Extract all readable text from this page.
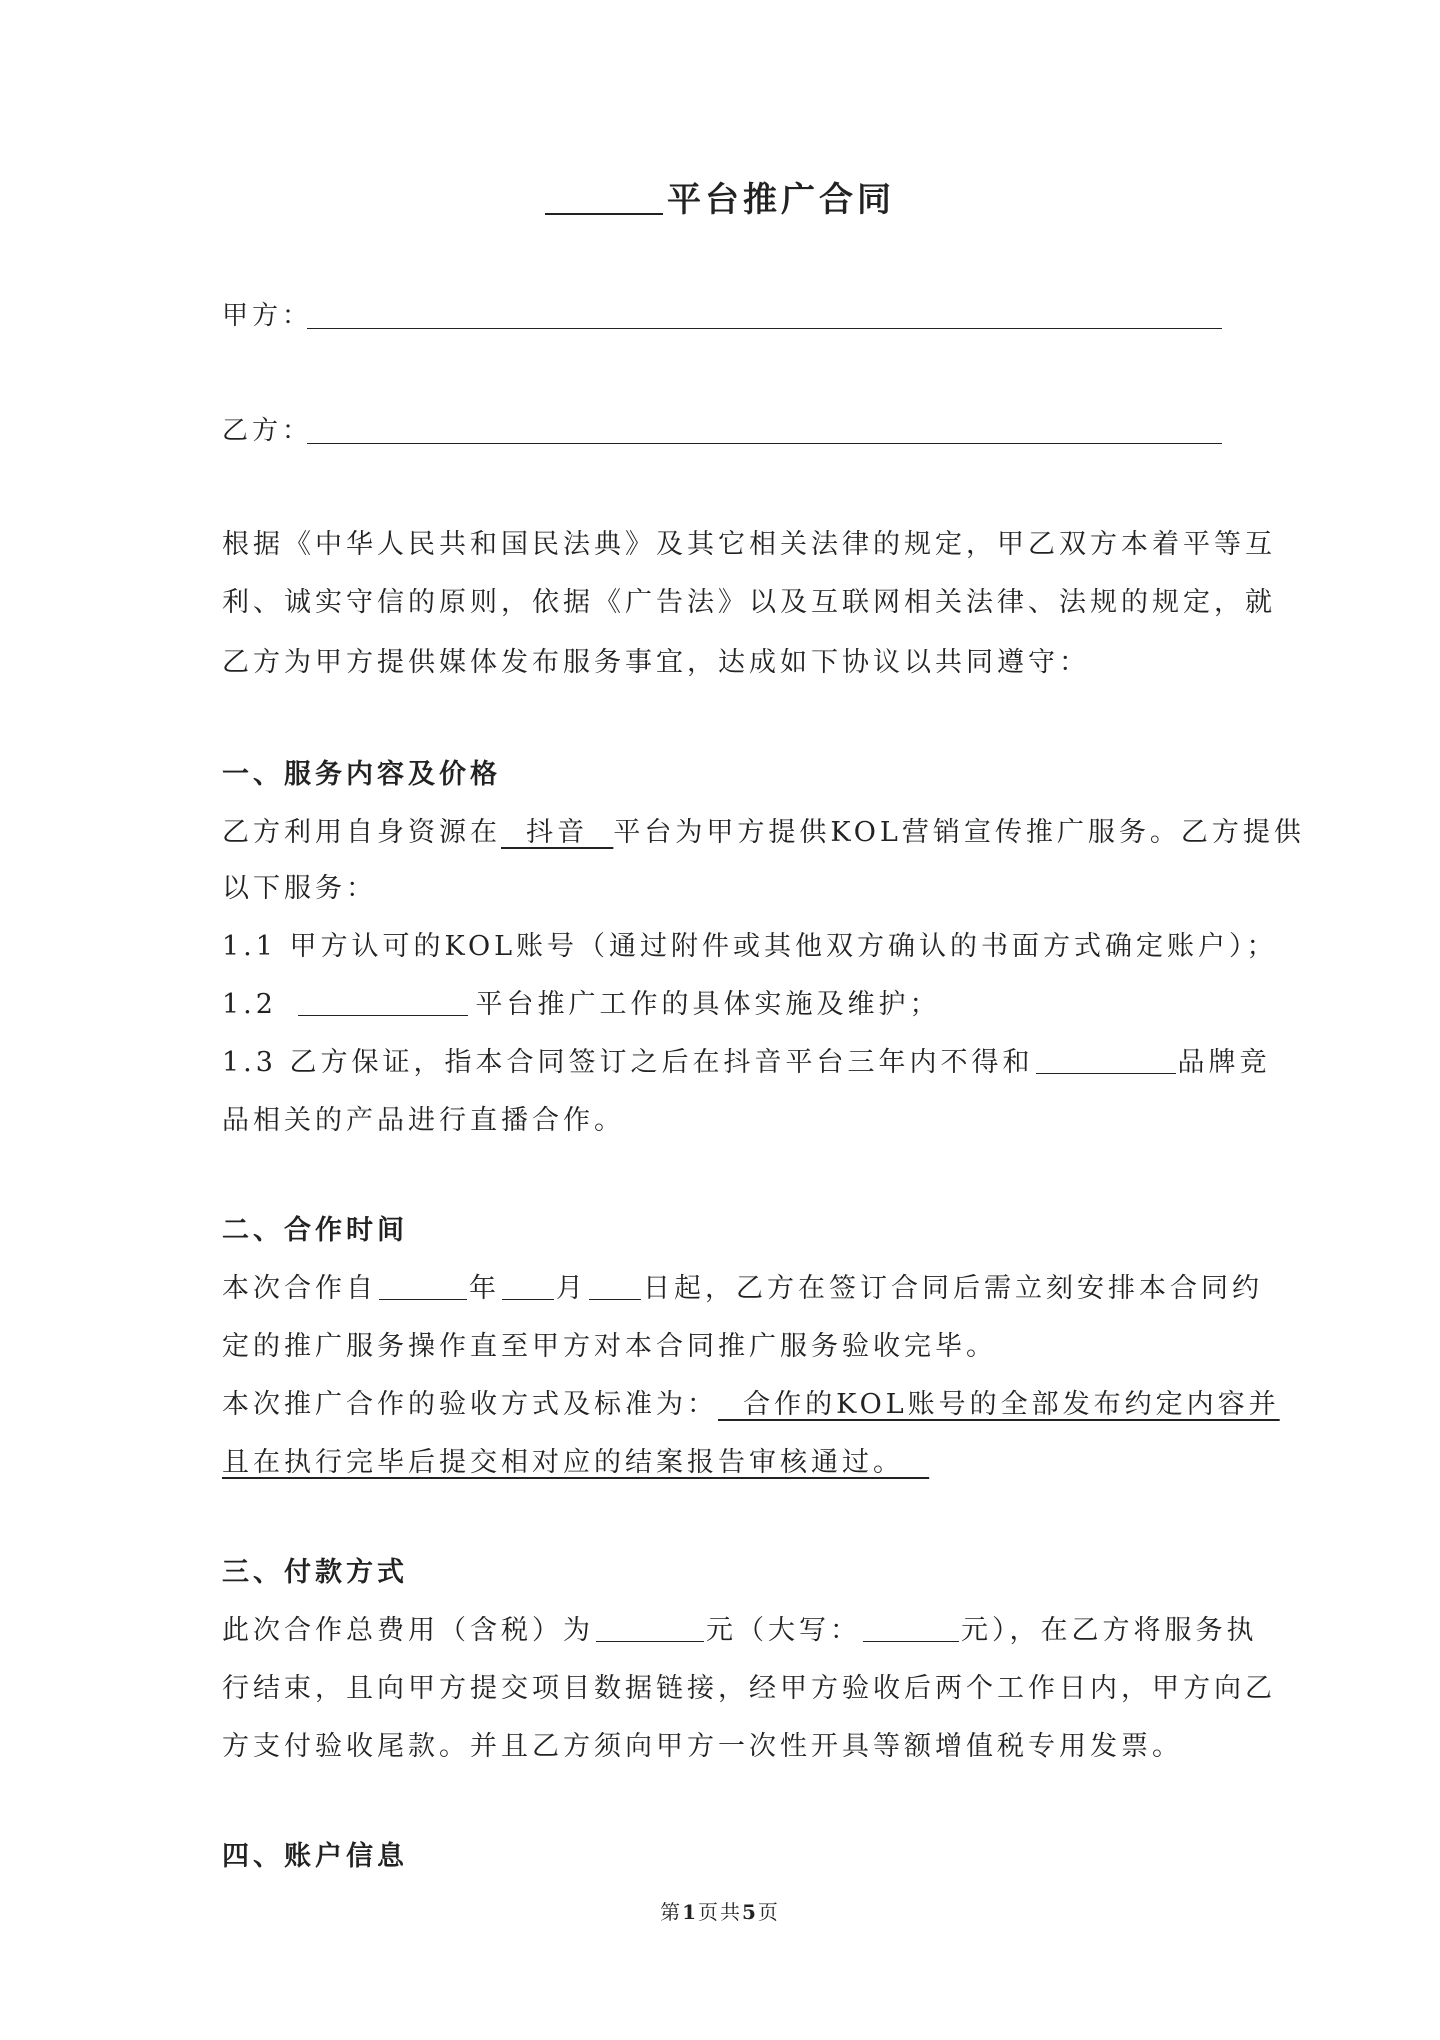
平台推广合同
甲方：
乙方：
根据《中华人民共和国民法典》及其它相关法律的规定，甲乙双方本着平等互
利、诚实守信的原则，依据《广告法》以及互联网相关法律、法规的规定，就
乙方为甲方提供媒体发布服务事宜，达成如下协议以共同遵守：
一、服务内容及价格
乙方利用自身资源在  抖音  平台为甲方提供KOL营销宣传推广服务。乙方提供
以下服务：
1.1 甲方认可的KOL账号（通过附件或其他双方确认的书面方式确定账户）；
1.2	平台推广工作的具体实施及维护；
1.3 乙方保证，指本合同签订之后在抖音平台三年内不得和	品牌竞
品相关的产品进行直播合作。
二、合作时间
本次合作自	年 月 日起，乙方在签订合同后需立刻安排本合同约
定的推广服务操作直至甲方对本合同推广服务验收完毕。
本次推广合作的验收方式及标准为：  合作的KOL账号的全部发布约定内容并
且在执行完毕后提交相对应的结案报告审核通过。
三、付款方式
此次合作总费用（含税）为	元（大写：	元），在乙方将服务执
行结束，且向甲方提交项目数据链接，经甲方验收后两个工作日内，甲方向乙
方支付验收尾款。并且乙方须向甲方一次性开具等额增值税专用发票。
四、账户信息
第1页共5页
